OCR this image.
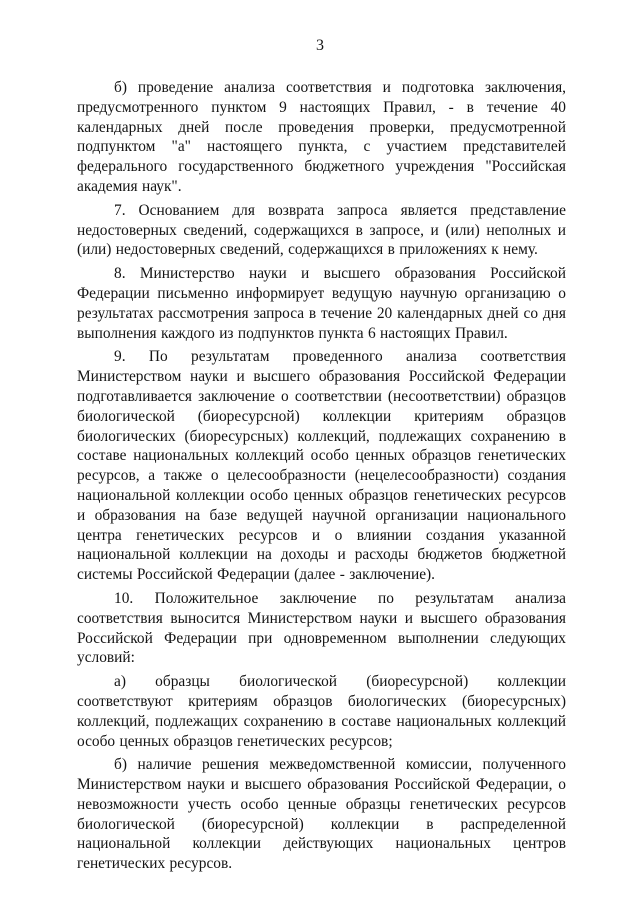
3

б) проведение анализа соответствия и подготовка заключения, предусмотренного пунктом 9 настоящих Правил, - в течение 40 календарных дней после проведения проверки, предусмотренной подпунктом "а" настоящего пункта, с участием представителей федерального государственного бюджетного учреждения "Российская академия наук".

7. Основанием для возврата запроса является представление недостоверных сведений, содержащихся в запросе, и (или) неполных и (или) недостоверных сведений, содержащихся в приложениях к нему.

8. Министерство науки и высшего образования Российской Федерации письменно информирует ведущую научную организацию о результатах рассмотрения запроса в течение 20 календарных дней со дня выполнения каждого из подпунктов пункта 6 настоящих Правил.

9. По результатам проведенного анализа соответствия Министерством науки и высшего образования Российской Федерации подготавливается заключение о соответствии (несоответствии) образцов биологической (биоресурсной) коллекции критериям образцов биологических (биоресурсных) коллекций, подлежащих сохранению в составе национальных коллекций особо ценных образцов генетических ресурсов, а также о целесообразности (нецелесообразности) создания национальной коллекции особо ценных образцов генетических ресурсов и образования на базе ведущей научной организации национального центра генетических ресурсов и о влиянии создания указанной национальной коллекции на доходы и расходы бюджетов бюджетной системы Российской Федерации (далее - заключение).

10. Положительное заключение по результатам анализа соответствия выносится Министерством науки и высшего образования Российской Федерации при одновременном выполнении следующих условий:

а) образцы биологической (биоресурсной) коллекции соответствуют критериям образцов биологических (биоресурсных) коллекций, подлежащих сохранению в составе национальных коллекций особо ценных образцов генетических ресурсов;

б) наличие решения межведомственной комиссии, полученного Министерством науки и высшего образования Российской Федерации, о невозможности учесть особо ценные образцы генетических ресурсов биологической (биоресурсной) коллекции в распределенной национальной коллекции действующих национальных центров генетических ресурсов.
